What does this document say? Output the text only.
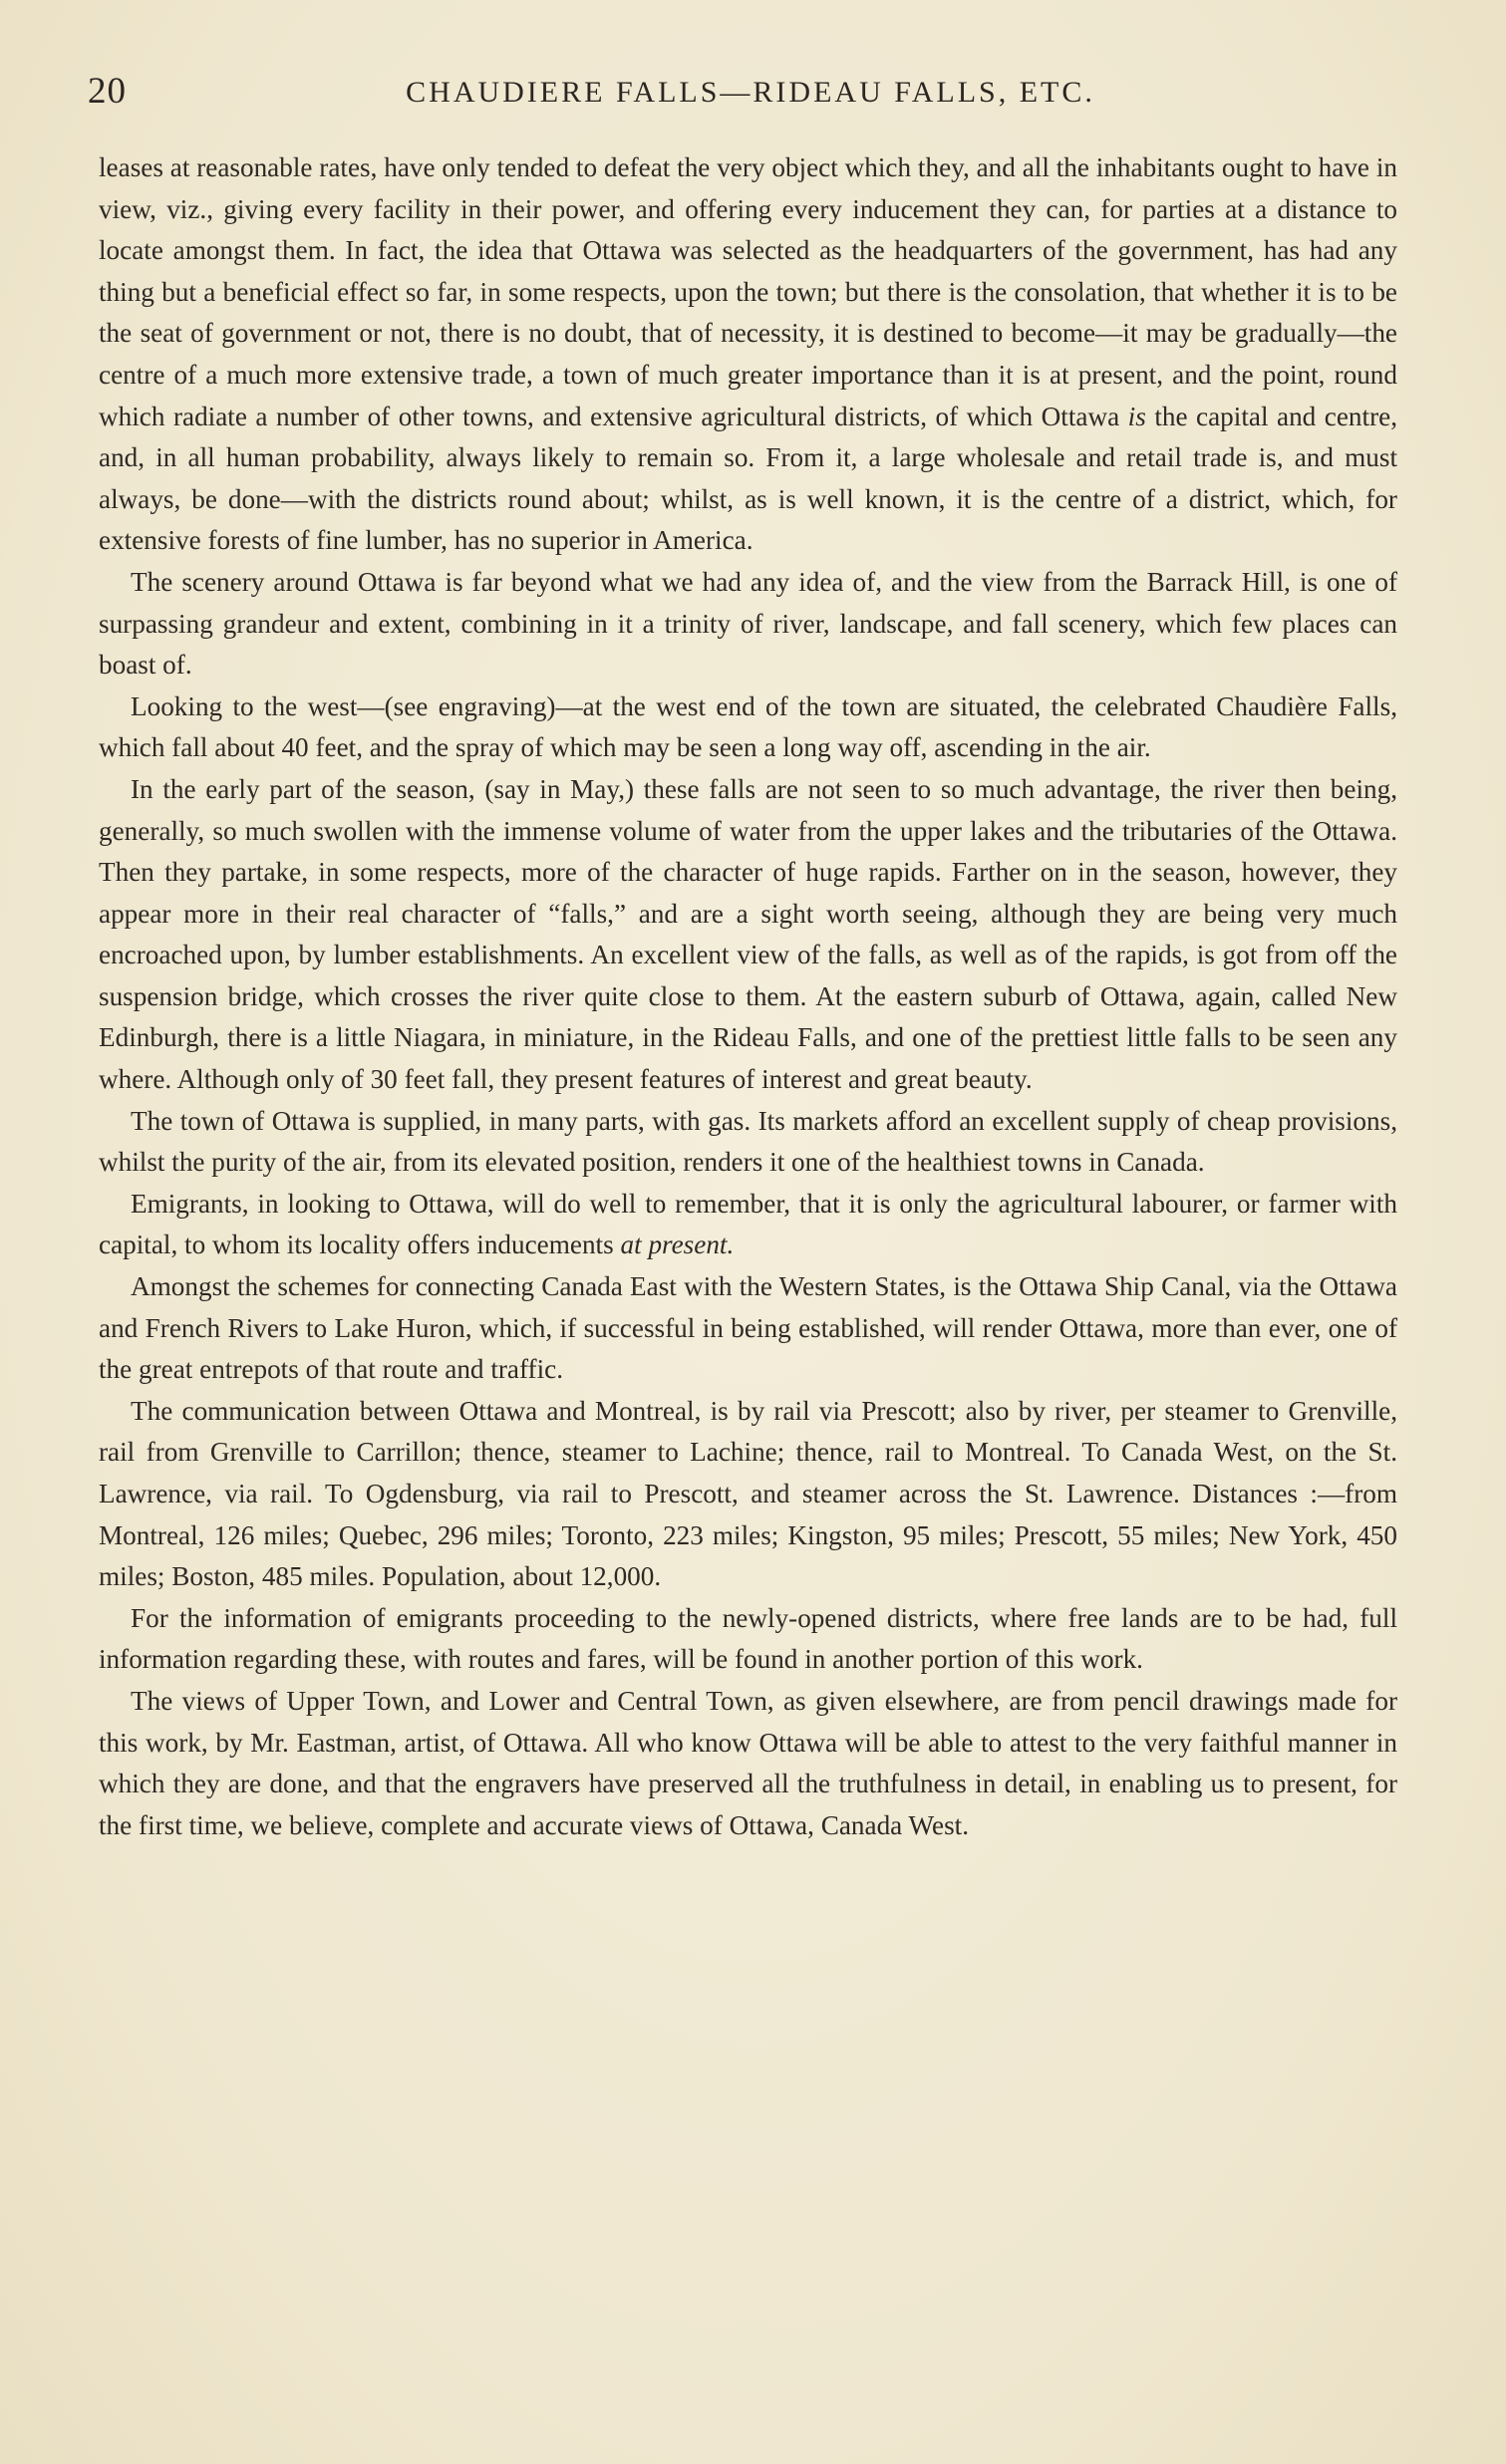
20	CHAUDIERE FALLS—RIDEAU FALLS, ETC.

leases at reasonable rates, have only tended to defeat the very object which they, and all the inhabitants ought to have in view, viz., giving every facility in their power, and offering every inducement they can, for parties at a distance to locate amongst them. In fact, the idea that Ottawa was selected as the headquarters of the government, has had any thing but a beneficial effect so far, in some respects, upon the town; but there is the consolation, that whether it is to be the seat of government or not, there is no doubt, that of necessity, it is destined to become—it may be gradually—the centre of a much more extensive trade, a town of much greater importance than it is at present, and the point, round which radiate a number of other towns, and extensive agricultural districts, of which Ottawa is the capital and centre, and, in all human probability, always likely to remain so. From it, a large wholesale and retail trade is, and must always, be done—with the districts round about; whilst, as is well known, it is the centre of a district, which, for extensive forests of fine lumber, has no superior in America.

The scenery around Ottawa is far beyond what we had any idea of, and the view from the Barrack Hill, is one of surpassing grandeur and extent, combining in it a trinity of river, landscape, and fall scenery, which few places can boast of.

Looking to the west—(see engraving)—at the west end of the town are situated, the celebrated Chaudière Falls, which fall about 40 feet, and the spray of which may be seen a long way off, ascending in the air.

In the early part of the season, (say in May,) these falls are not seen to so much advantage, the river then being, generally, so much swollen with the immense volume of water from the upper lakes and the tributaries of the Ottawa. Then they partake, in some respects, more of the character of huge rapids. Farther on in the season, however, they appear more in their real character of “falls,” and are a sight worth seeing, although they are being very much encroached upon, by lumber establishments. An excellent view of the falls, as well as of the rapids, is got from off the suspension bridge, which crosses the river quite close to them. At the eastern suburb of Ottawa, again, called New Edinburgh, there is a little Niagara, in miniature, in the Rideau Falls, and one of the prettiest little falls to be seen any where. Although only of 30 feet fall, they present features of interest and great beauty.

The town of Ottawa is supplied, in many parts, with gas. Its markets afford an excellent supply of cheap provisions, whilst the purity of the air, from its elevated position, renders it one of the healthiest towns in Canada.

Emigrants, in looking to Ottawa, will do well to remember, that it is only the agricultural labourer, or farmer with capital, to whom its locality offers inducements at present.

Amongst the schemes for connecting Canada East with the Western States, is the Ottawa Ship Canal, via the Ottawa and French Rivers to Lake Huron, which, if successful in being established, will render Ottawa, more than ever, one of the great entrepots of that route and traffic.

The communication between Ottawa and Montreal, is by rail via Prescott; also by river, per steamer to Grenville, rail from Grenville to Carrillon; thence, steamer to Lachine; thence, rail to Montreal. To Canada West, on the St. Lawrence, via rail. To Ogdensburg, via rail to Prescott, and steamer across the St. Lawrence. Distances :—from Montreal, 126 miles; Quebec, 296 miles; Toronto, 223 miles; Kingston, 95 miles; Prescott, 55 miles; New York, 450 miles; Boston, 485 miles. Population, about 12,000.

For the information of emigrants proceeding to the newly-opened districts, where free lands are to be had, full information regarding these, with routes and fares, will be found in another portion of this work.

The views of Upper Town, and Lower and Central Town, as given elsewhere, are from pencil drawings made for this work, by Mr. Eastman, artist, of Ottawa. All who know Ottawa will be able to attest to the very faithful manner in which they are done, and that the engravers have preserved all the truthfulness in detail, in enabling us to present, for the first time, we believe, complete and accurate views of Ottawa, Canada West.
